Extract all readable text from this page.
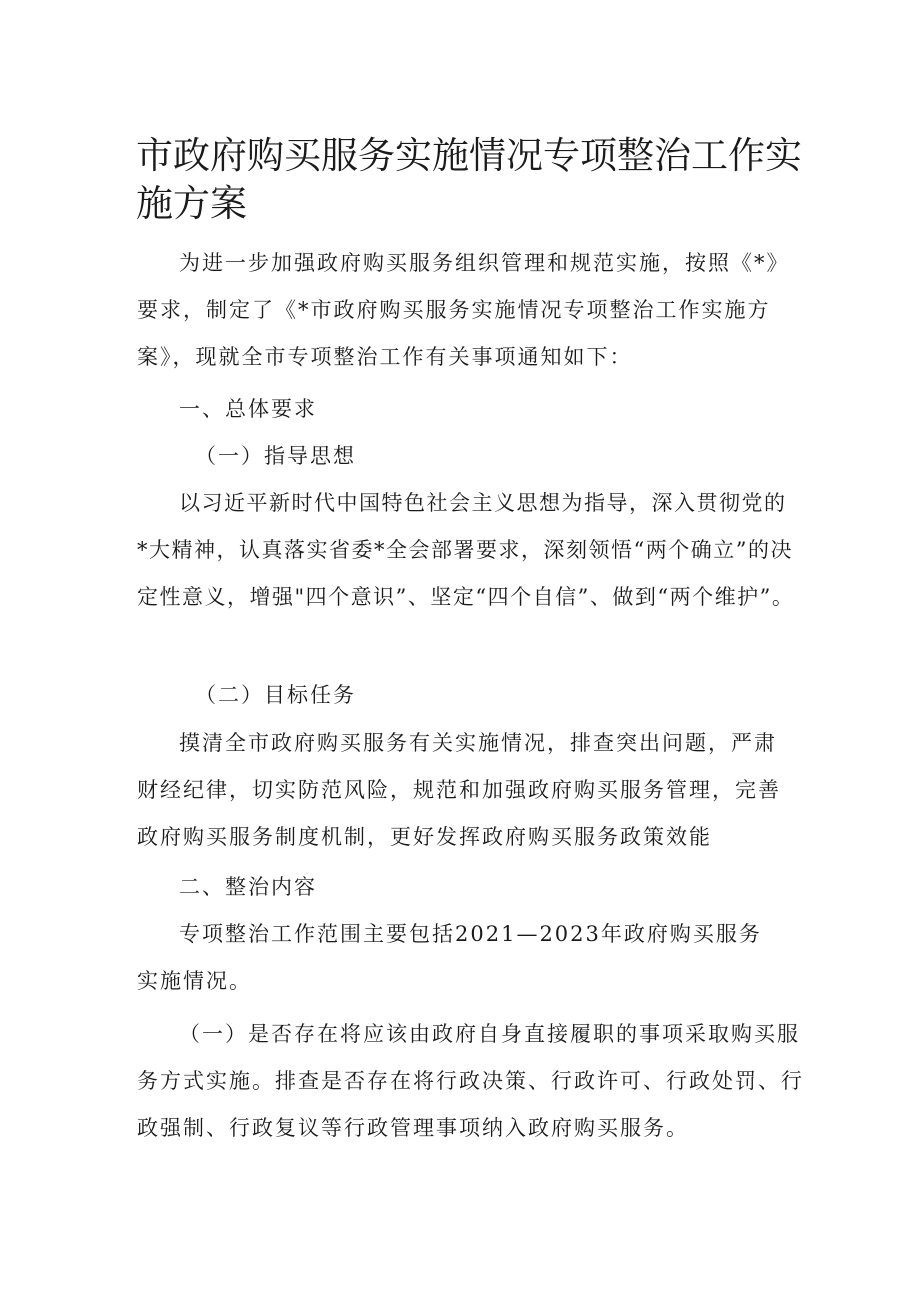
市政府购买服务实施情况专项整治工作实施方案

为进一步加强政府购买服务组织管理和规范实施，按照《*》要求，制定了《*市政府购买服务实施情况专项整治工作实施方案》，现就全市专项整治工作有关事项通知如下：

一、总体要求

（一）指导思想

以习近平新时代中国特色社会主义思想为指导，深入贯彻党的*大精神，认真落实省委*全会部署要求，深刻领悟“两个确立”的决定性意义，增强"四个意识”、坚定“四个自信”、做到“两个维护”。

（二）目标任务

摸清全市政府购买服务有关实施情况，排查突出问题，严肃财经纪律，切实防范风险，规范和加强政府购买服务管理，完善政府购买服务制度机制，更好发挥政府购买服务政策效能

二、整治内容

专项整治工作范围主要包括2021—2023年政府购买服务实施情况。

（一）是否存在将应该由政府自身直接履职的事项采取购买服务方式实施。排查是否存在将行政决策、行政许可、行政处罚、行政强制、行政复议等行政管理事项纳入政府购买服务。
